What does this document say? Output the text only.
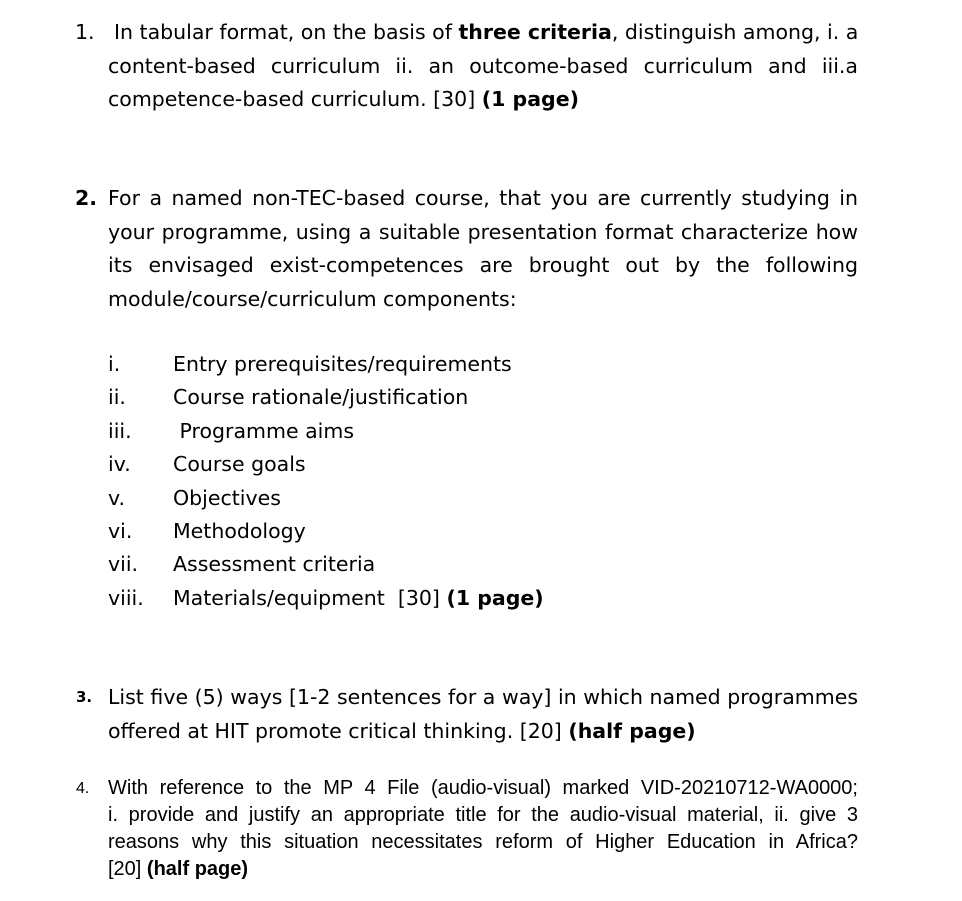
1. In tabular format, on the basis of three criteria, distinguish among, i. a
content-based curriculum ii. an outcome-based curriculum and iii.a
competence-based curriculum. [30] (1 page)
2. For a named non-TEC-based course, that you are currently studying in
your programme, using a suitable presentation format characterize how
its envisaged exist-competences are brought out by the following
module/course/curriculum components:
i.	Entry prerequisites/requirements
ii. Course rationale/justification
iii. Programme aims
iv. Course goals
v. Objectives
vi. Methodology
vii. Assessment criteria
viii. Materials/equipment  [30] (1 page)
3. List five (5) ways [1-2 sentences for a way] in which named programmes
offered at HIT promote critical thinking. [20] (half page)
4. With reference to the MP 4 File (audio-visual) marked VID-20210712-WA0000;
i. provide and justify an appropriate title for the audio-visual material, ii. give 3
reasons why this situation necessitates reform of Higher Education in Africa?
[20] (half page)
